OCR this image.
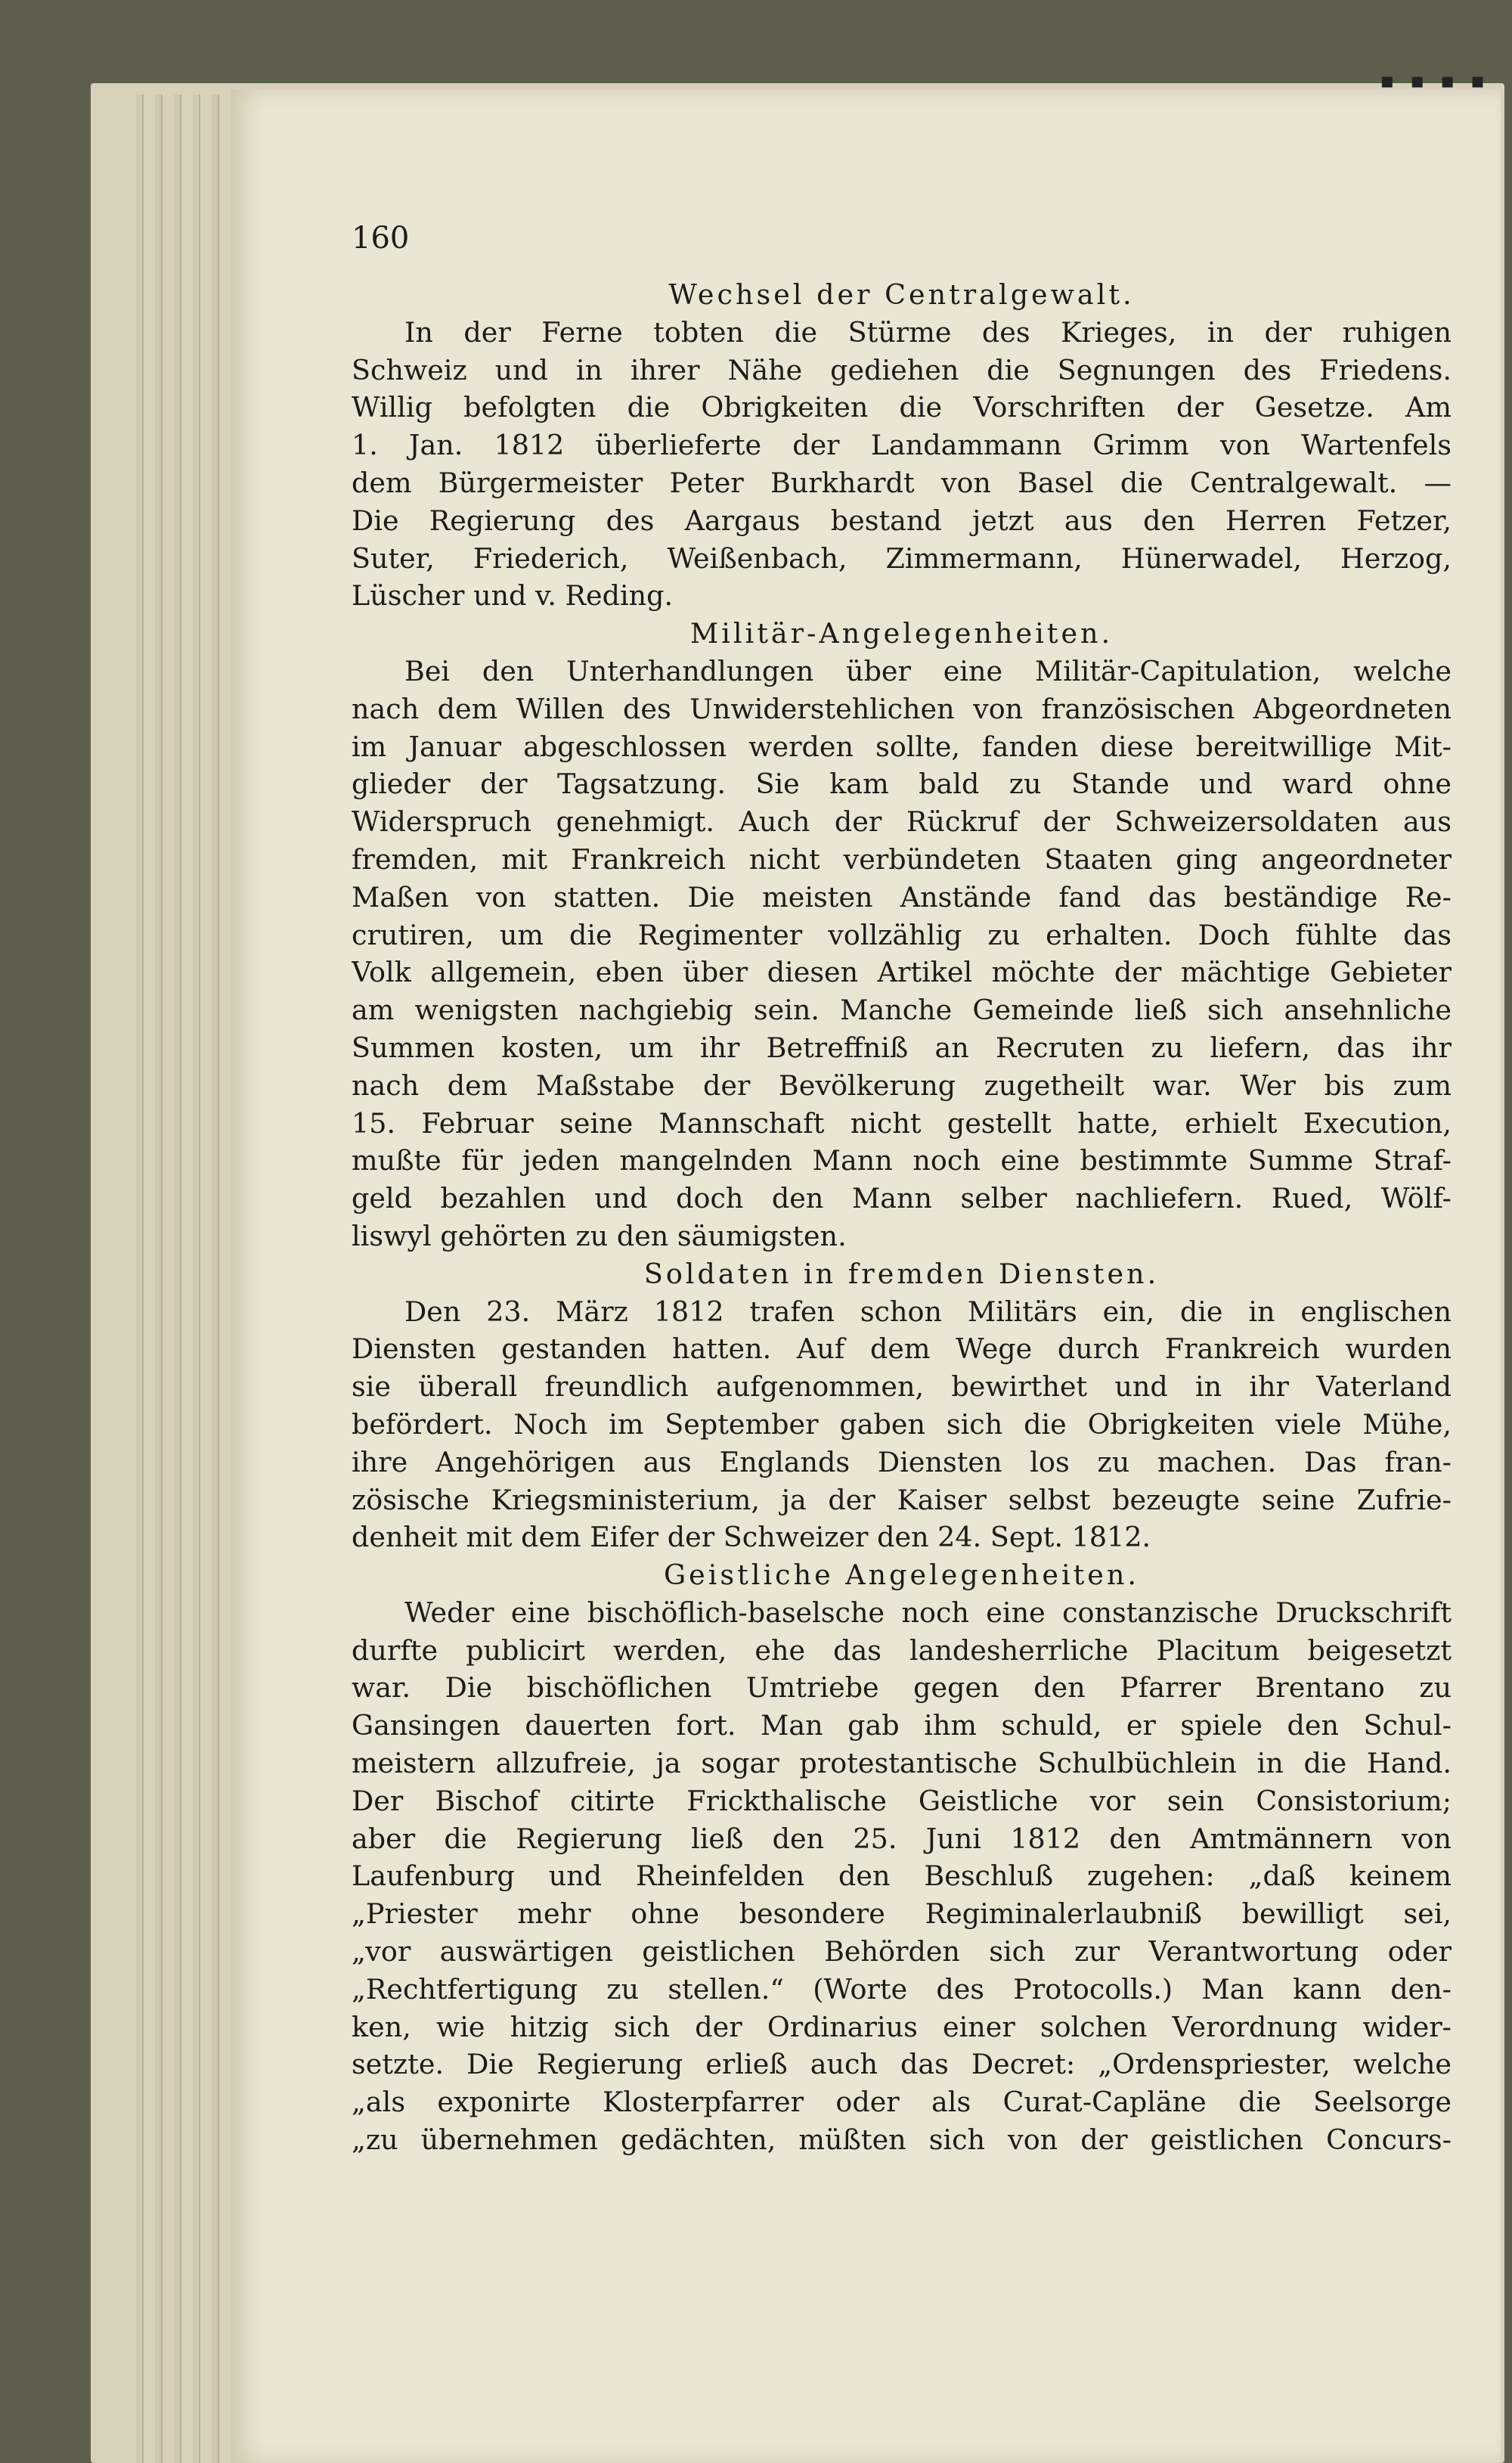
▪ ▪ ▪ ▪
160

Wechsel der Centralgewalt.

In der Ferne tobten die Stürme des Krieges, in der ruhigen

Schweiz und in ihrer Nähe gediehen die Segnungen des Friedens.

Willig befolgten die Obrigkeiten die Vorschriften der Gesetze. Am

1. Jan. 1812 überlieferte der Landammann Grimm von Wartenfels

dem Bürgermeister Peter Burkhardt von Basel die Centralgewalt. —

Die Regierung des Aargaus bestand jetzt aus den Herren Fetzer,

Suter, Friederich, Weißenbach, Zimmermann, Hünerwadel, Herzog,

Lüscher und v. Reding.

Militär-Angelegenheiten.

Bei den Unterhandlungen über eine Militär-Capitulation, welche

nach dem Willen des Unwiderstehlichen von französischen Abgeordneten

im Januar abgeschlossen werden sollte, fanden diese bereitwillige Mit-

glieder der Tagsatzung. Sie kam bald zu Stande und ward ohne

Widerspruch genehmigt. Auch der Rückruf der Schweizersoldaten aus

fremden, mit Frankreich nicht verbündeten Staaten ging angeordneter

Maßen von statten. Die meisten Anstände fand das beständige Re-

crutiren, um die Regimenter vollzählig zu erhalten. Doch fühlte das

Volk allgemein, eben über diesen Artikel möchte der mächtige Gebieter

am wenigsten nachgiebig sein. Manche Gemeinde ließ sich ansehnliche

Summen kosten, um ihr Betreffniß an Recruten zu liefern, das ihr

nach dem Maßstabe der Bevölkerung zugetheilt war. Wer bis zum

15. Februar seine Mannschaft nicht gestellt hatte, erhielt Execution,

mußte für jeden mangelnden Mann noch eine bestimmte Summe Straf-

geld bezahlen und doch den Mann selber nachliefern. Rued, Wölf-

liswyl gehörten zu den säumigsten.

Soldaten in fremden Diensten.

Den 23. März 1812 trafen schon Militärs ein, die in englischen

Diensten gestanden hatten. Auf dem Wege durch Frankreich wurden

sie überall freundlich aufgenommen, bewirthet und in ihr Vaterland

befördert. Noch im September gaben sich die Obrigkeiten viele Mühe,

ihre Angehörigen aus Englands Diensten los zu machen. Das fran-

zösische Kriegsministerium, ja der Kaiser selbst bezeugte seine Zufrie-

denheit mit dem Eifer der Schweizer den 24. Sept. 1812.

Geistliche Angelegenheiten.

Weder eine bischöflich-baselsche noch eine constanzische Druckschrift

durfte publicirt werden, ehe das landesherrliche Placitum beigesetzt

war. Die bischöflichen Umtriebe gegen den Pfarrer Brentano zu

Gansingen dauerten fort. Man gab ihm schuld, er spiele den Schul-

meistern allzufreie, ja sogar protestantische Schulbüchlein in die Hand.

Der Bischof citirte Frickthalische Geistliche vor sein Consistorium;

aber die Regierung ließ den 25. Juni 1812 den Amtmännern von

Laufenburg und Rheinfelden den Beschluß zugehen: „daß keinem

„Priester mehr ohne besondere Regiminalerlaubniß bewilligt sei,

„vor auswärtigen geistlichen Behörden sich zur Verantwortung oder

„Rechtfertigung zu stellen.“ (Worte des Protocolls.) Man kann den-

ken, wie hitzig sich der Ordinarius einer solchen Verordnung wider-

setzte. Die Regierung erließ auch das Decret: „Ordenspriester, welche

„als exponirte Klosterpfarrer oder als Curat-Capläne die Seelsorge

„zu übernehmen gedächten, müßten sich von der geistlichen Concurs-
